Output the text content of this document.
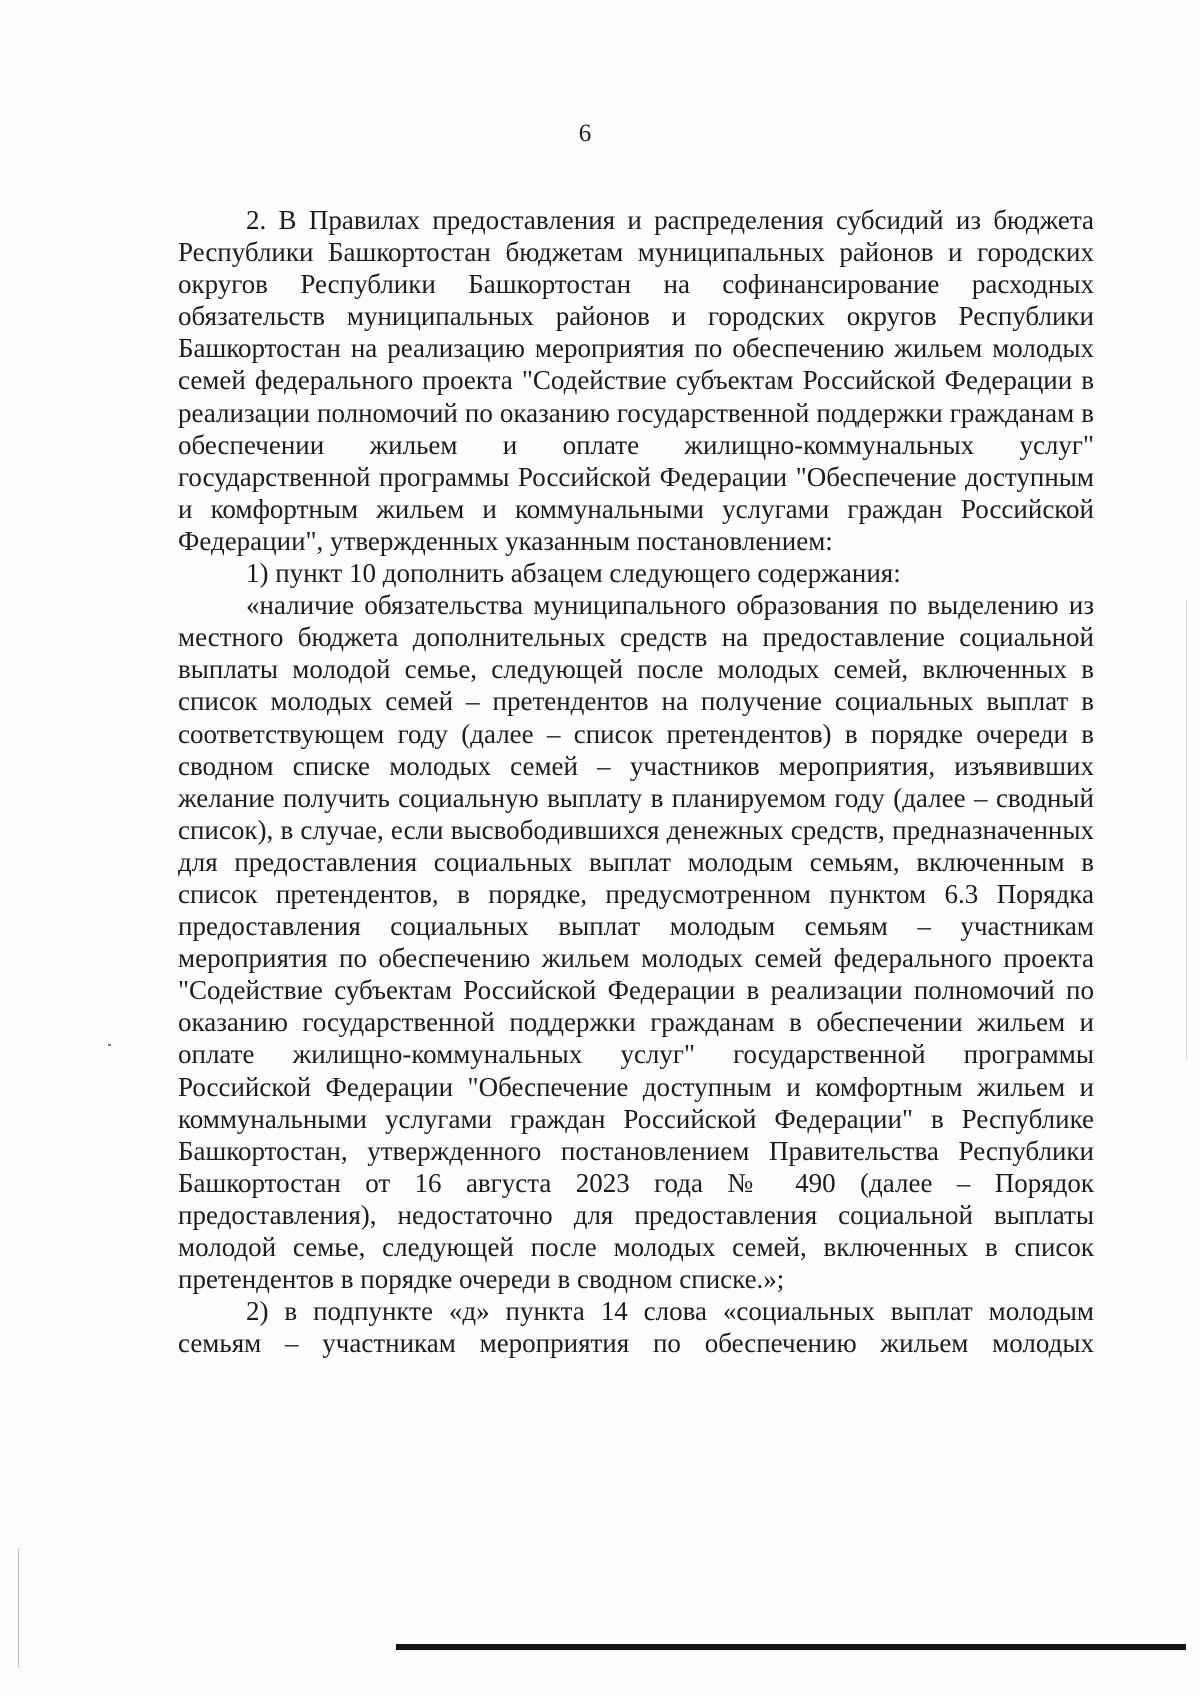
6

2. В Правилах предоставления и распределения субсидий из бюджета Республики Башкортостан бюджетам муниципальных районов и городских округов Республики Башкортостан на софинансирование расходных обязательств муниципальных районов и городских округов Республики Башкортостан на реализацию мероприятия по обеспечению жильем молодых семей федерального проекта "Содействие субъектам Российской Федерации в реализации полномочий по оказанию государственной поддержки гражданам в обеспечении жильем и оплате жилищно-коммунальных услуг" государственной программы Российской Федерации "Обеспечение доступным и комфортным жильем и коммунальными услугами граждан Российской Федерации", утвержденных указанным постановлением:

1) пункт 10 дополнить абзацем следующего содержания:

«наличие обязательства муниципального образования по выделению из местного бюджета дополнительных средств на предоставление социальной выплаты молодой семье, следующей после молодых семей, включенных в список молодых семей – претендентов на получение социальных выплат в соответствующем году (далее – список претендентов) в порядке очереди в сводном списке молодых семей – участников мероприятия, изъявивших желание получить социальную выплату в планируемом году (далее – сводный список), в случае, если высвободившихся денежных средств, предназначенных для предоставления социальных выплат молодым семьям, включенным в список претендентов, в порядке, предусмотренном пунктом 6.3 Порядка предоставления социальных выплат молодым семьям – участникам мероприятия по обеспечению жильем молодых семей федерального проекта "Содействие субъектам Российской Федерации в реализации полномочий по оказанию государственной поддержки гражданам в обеспечении жильем и оплате жилищно-коммунальных услуг" государственной программы Российской Федерации "Обеспечение доступным и комфортным жильем и коммунальными услугами граждан Российской Федерации" в Республике Башкортостан, утвержденного постановлением Правительства Республики Башкортостан от 16 августа 2023 года № 490 (далее – Порядок предоставления), недостаточно для предоставления социальной выплаты молодой семье, следующей после молодых семей, включенных в список претендентов в порядке очереди в сводном списке.»;

2) в подпункте «д» пункта 14 слова «социальных выплат молодым семьям – участникам мероприятия по обеспечению жильем молодых
